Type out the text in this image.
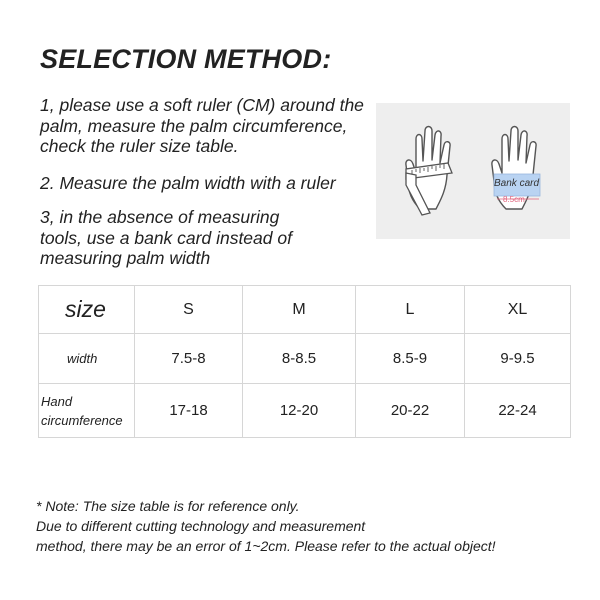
SELECTION METHOD:
1, please use a soft ruler (CM) around the palm, measure the palm circumference, check the ruler size table.
2. Measure the palm width with a ruler
3, in the absence of measuring tools, use a bank card instead of measuring palm width
Bank card
8.5cm
size	S	M	L	XL
width	7.5-8	8-8.5	8.5-9	9-9.5
Hand
circumference	17-18	12-20	20-22	22-24
* Note: The size table is for reference only.
Due to different cutting technology and measurement
method, there may be an error of 1~2cm. Please refer to the actual object!
